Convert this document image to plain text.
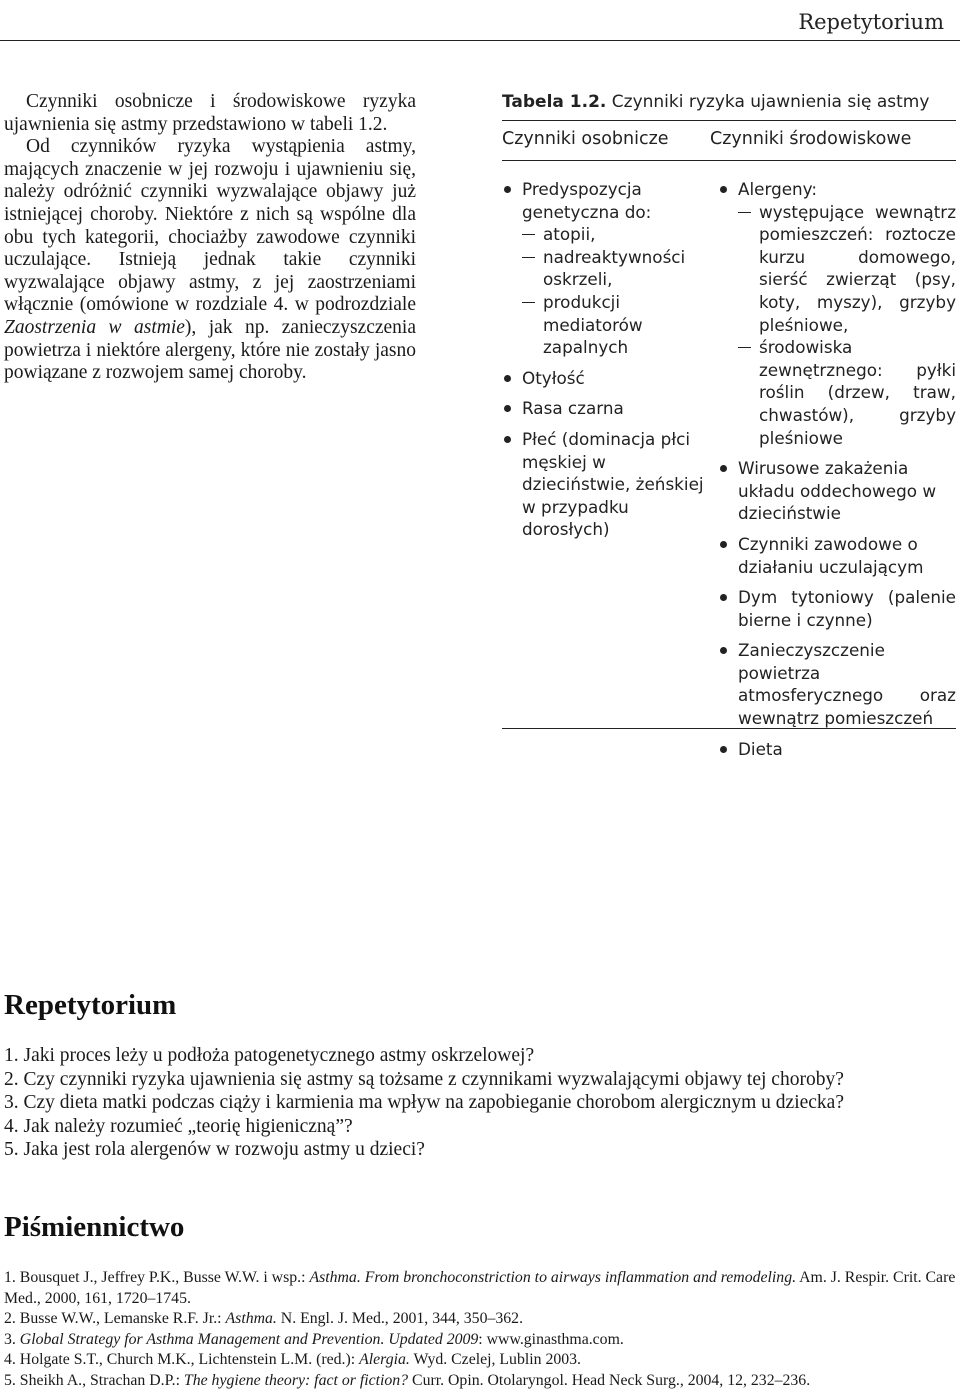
Repetytorium

Czynniki osobnicze i środowiskowe ryzyka ujawnienia się astmy przedstawiono w tabeli 1.2.

Od czynników ryzyka wystąpienia astmy, mających znaczenie w jej rozwoju i ujawnieniu się, należy odróżnić czynniki wyzwalające objawy już istniejącej choroby. Niektóre z nich są wspólne dla obu tych kategorii, chociażby zawodowe czynniki uczulające. Istnieją jednak takie czynniki wyzwalające objawy astmy, z jej zaostrzeniami włącznie (omówione w rozdziale 4. w podrozdziale Zaostrzenia w astmie), jak np. zanieczyszczenia powietrza i niektóre alergeny, które nie zostały jasno powiązane z rozwojem samej choroby.

Tabela 1.2. Czynniki ryzyka ujawnienia się astmy
Czynniki osobnicze	Czynniki środowiskowe
Predyspozycja genetyczna do:
atopii,
nadreaktywności oskrzeli,
produkcji mediatorów zapalnych
Otyłość
Rasa czarna
Płeć (dominacja płci męskiej w dzieciństwie, żeńskiej w przypadku dorosłych)
Alergeny:
występujące wewnątrz pomieszczeń: roztocze kurzu domowego, sierść zwierząt (psy, koty, myszy), grzyby pleśniowe,
środowiska zewnętrznego: pyłki roślin (drzew, traw, chwastów), grzyby pleśniowe
Wirusowe zakażenia układu oddechowego w dzieciństwie
Czynniki zawodowe o działaniu uczulającym
Dym tytoniowy (palenie bierne i czynne)
Zanieczyszczenie powietrza atmosferycznego oraz wewnątrz pomieszczeń
Dieta
Repetytorium
1. Jaki proces leży u podłoża patogenetycznego astmy oskrzelowej?
2. Czy czynniki ryzyka ujawnienia się astmy są tożsame z czynnikami wyzwalającymi objawy tej choroby?
3. Czy dieta matki podczas ciąży i karmienia ma wpływ na zapobieganie chorobom alergicznym u dziecka?
4. Jak należy rozumieć „teorię higieniczną”?
5. Jaka jest rola alergenów w rozwoju astmy u dzieci?
Piśmiennictwo
1. Bousquet J., Jeffrey P.K., Busse W.W. i wsp.: Asthma. From bronchoconstriction to airways inflammation and remodeling. Am. J. Respir. Crit. Care Med., 2000, 161, 1720–1745.
2. Busse W.W., Lemanske R.F. Jr.: Asthma. N. Engl. J. Med., 2001, 344, 350–362.
3. Global Strategy for Asthma Management and Prevention. Updated 2009: www.ginasthma.com.
4. Holgate S.T., Church M.K., Lichtenstein L.M. (red.): Alergia. Wyd. Czelej, Lublin 2003.
5. Sheikh A., Strachan D.P.: The hygiene theory: fact or fiction? Curr. Opin. Otolaryngol. Head Neck Surg., 2004, 12, 232–236.
